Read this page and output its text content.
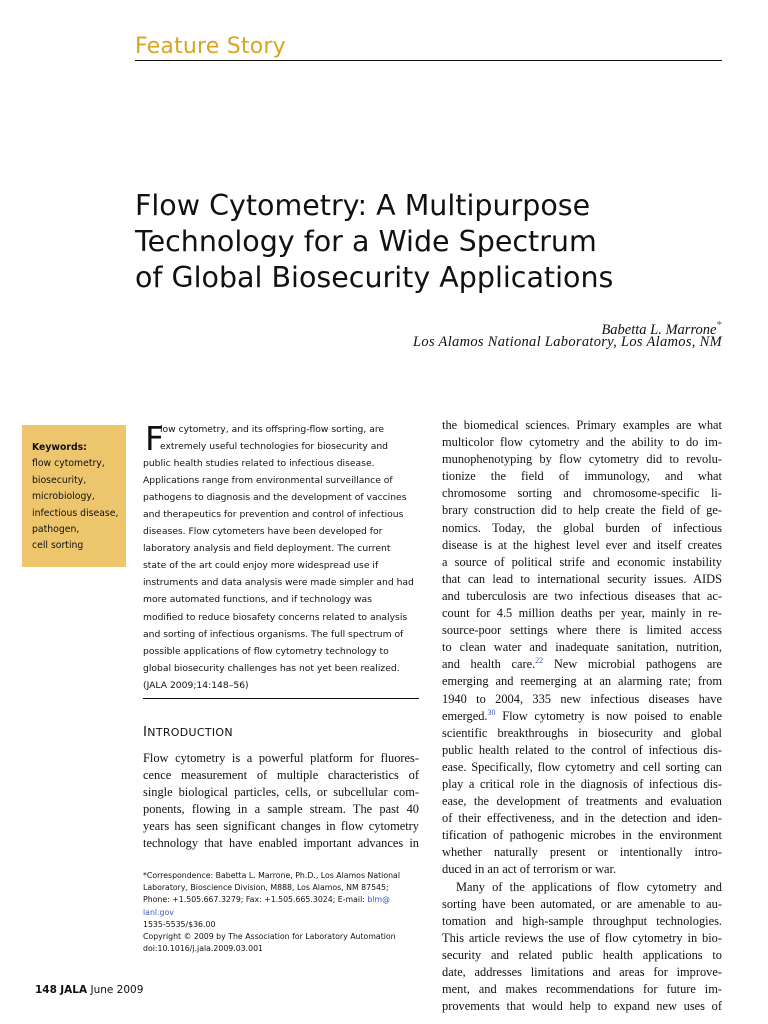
Feature Story
Flow Cytometry: A Multipurpose
Technology for a Wide Spectrum
of Global Biosecurity Applications
Babetta L. Marrone*
Los Alamos National Laboratory, Los Alamos, NM
Keywords:
flow cytometry,
biosecurity,
microbiology,
infectious disease,
pathogen,
cell sorting
F
low cytometry, and its offspring-flow sorting, are
extremely useful technologies for biosecurity and
public health studies related to infectious disease.
Applications range from environmental surveillance of
pathogens to diagnosis and the development of vaccines
and therapeutics for prevention and control of infectious
diseases. Flow cytometers have been developed for
laboratory analysis and field deployment. The current
state of the art could enjoy more widespread use if
instruments and data analysis were made simpler and had
more automated functions, and if technology was
modified to reduce biosafety concerns related to analysis
and sorting of infectious organisms. The full spectrum of
possible applications of flow cytometry technology to
global biosecurity challenges has not yet been realized.
(JALA 2009;14:148–56)
INTRODUCTION
Flow cytometry is a powerful platform for fluores-
cence measurement of multiple characteristics of
single biological particles, cells, or subcellular com-
ponents, flowing in a sample stream. The past 40
years has seen significant changes in flow cytometry
technology that have enabled important advances in
the biomedical sciences. Primary examples are what
multicolor flow cytometry and the ability to do im-
munophenotyping by flow cytometry did to revolu-
tionize the field of immunology, and what
chromosome sorting and chromosome-specific li-
brary construction did to help create the field of ge-
nomics. Today, the global burden of infectious
disease is at the highest level ever and itself creates
a source of political strife and economic instability
that can lead to international security issues. AIDS
and tuberculosis are two infectious diseases that ac-
count for 4.5 million deaths per year, mainly in re-
source-poor settings where there is limited access
to clean water and inadequate sanitation, nutrition,
and health care.$^{22}$ New microbial pathogens are
emerging and reemerging at an alarming rate; from
1940 to 2004, 335 new infectious diseases have
emerged.$^{30}$ Flow cytometry is now poised to enable
scientific breakthroughs in biosecurity and global
public health related to the control of infectious dis-
ease. Specifically, flow cytometry and cell sorting can
play a critical role in the diagnosis of infectious dis-
ease, the development of treatments and evaluation
of their effectiveness, and in the detection and iden-
tification of pathogenic microbes in the environment
whether naturally present or intentionally intro-
duced in an act of terrorism or war.
Many of the applications of flow cytometry and
sorting have been automated, or are amenable to au-
tomation and high-sample throughput technologies.
This article reviews the use of flow cytometry in bio-
security and related public health applications to
date, addresses limitations and areas for improve-
ment, and makes recommendations for future im-
provements that would help to expand new uses of
*Correspondence: Babetta L. Marrone, Ph.D., Los Alamos National
Laboratory, Bioscience Division, M888, Los Alamos, NM 87545;
Phone: +1.505.667.3279; Fax: +1.505.665.3024; E-mail: blm@
lanl.gov
1535-5535/$36.00
Copyright © 2009 by The Association for Laboratory Automation
doi:10.1016/j.jala.2009.03.001
148 JALA June 2009
